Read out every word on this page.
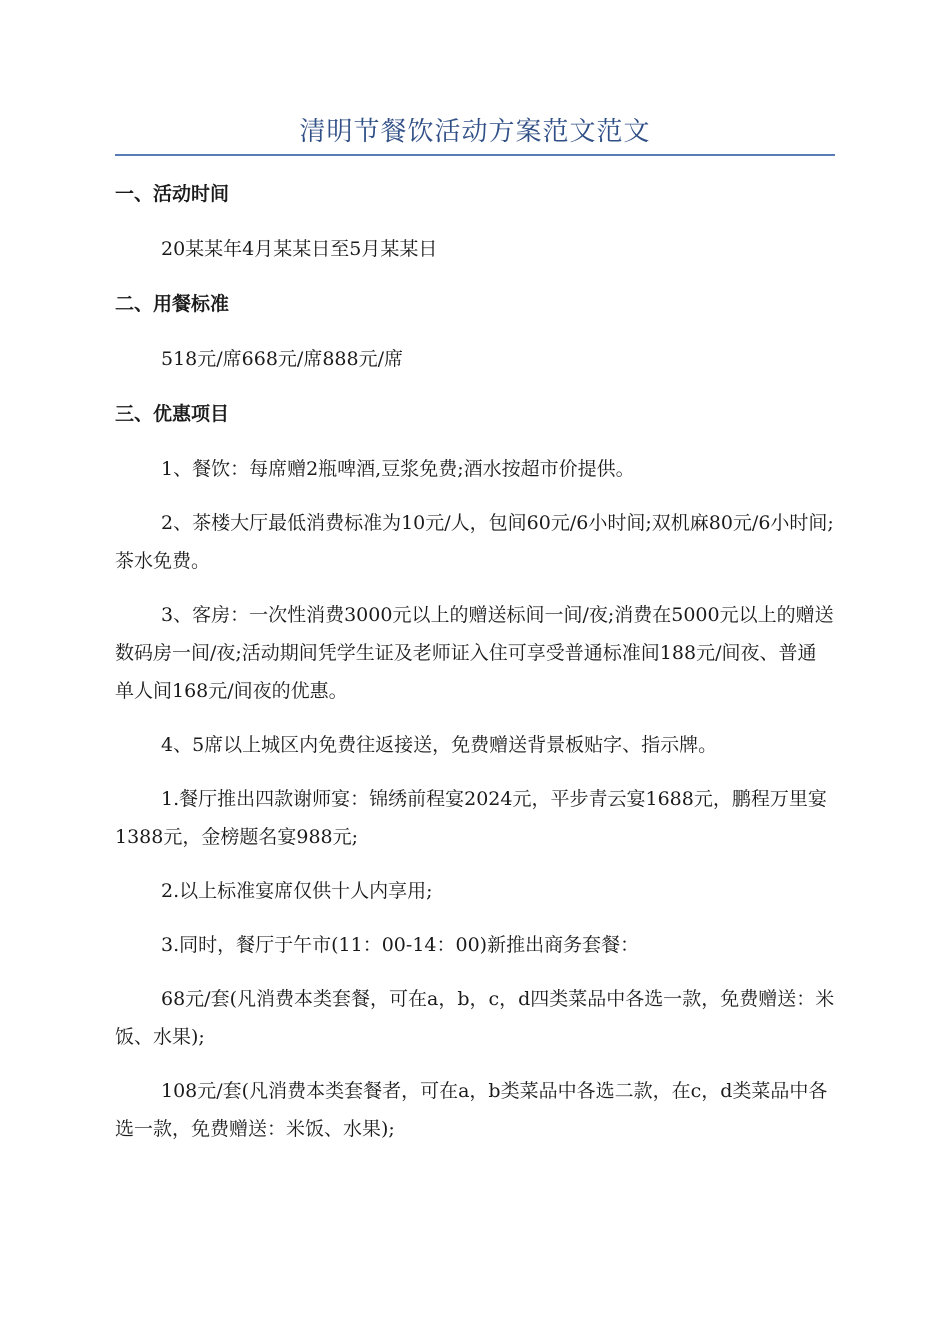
清明节餐饮活动方案范文范文
一、活动时间

20某某年4月某某日至5月某某日

二、用餐标准

518元/席668元/席888元/席

三、优惠项目

1、餐饮：每席赠2瓶啤酒,豆浆免费;酒水按超市价提供。

2、茶楼大厅最低消费标准为10元/人，包间60元/6小时间;双机麻80元/6小时间;茶水免费。

3、客房：一次性消费3000元以上的赠送标间一间/夜;消费在5000元以上的赠送数码房一间/夜;活动期间凭学生证及老师证入住可享受普通标准间188元/间夜、普通单人间168元/间夜的优惠。

4、5席以上城区内免费往返接送，免费赠送背景板贴字、指示牌。

1.餐厅推出四款谢师宴：锦绣前程宴2024元，平步青云宴1688元，鹏程万里宴1388元，金榜题名宴988元;

2.以上标准宴席仅供十人内享用;

3.同时，餐厅于午市(11：00-14：00)新推出商务套餐：

68元/套(凡消费本类套餐，可在a，b，c，d四类菜品中各选一款，免费赠送：米饭、水果);

108元/套(凡消费本类套餐者，可在a，b类菜品中各选二款，在c，d类菜品中各选一款，免费赠送：米饭、水果);
